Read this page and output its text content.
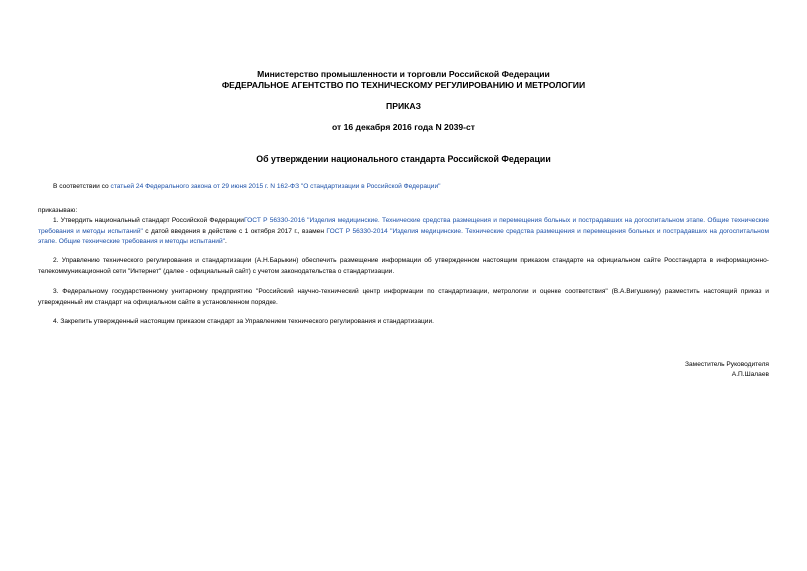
Министерство промышленности и торговли Российской Федерации
ФЕДЕРАЛЬНОЕ АГЕНТСТВО ПО ТЕХНИЧЕСКОМУ РЕГУЛИРОВАНИЮ И МЕТРОЛОГИИ
ПРИКАЗ
от 16 декабря 2016 года N 2039-ст
Об утверждении национального стандарта Российской Федерации
В соответствии со статьей 24 Федерального закона от 29 июня 2015 г. N 162-ФЗ "О стандартизации в Российской Федерации"
приказываю:
1. Утвердить национальный стандарт Российской ФедерацииГОСТ Р 56330-2016 "Изделия медицинские. Технические средства размещения и перемещения больных и пострадавших на догоспитальном этапе. Общие технические требования и методы испытаний" с датой введения в действие с 1 октября 2017 г., взамен ГОСТ Р 56330-2014 "Изделия медицинские. Технические средства размещения и перемещения больных и пострадавших на догоспитальном этапе. Общие технические требования и методы испытаний".
2. Управлению технического регулирования и стандартизации (А.Н.Барыкин) обеспечить размещение информации об утвержденном настоящим приказом стандарте на официальном сайте Росстандарта в информационно-телекоммуникационной сети "Интернет" (далее - официальный сайт) с учетом законодательства о стандартизации.
3. Федеральному государственному унитарному предприятию "Российский научно-технический центр информации по стандартизации, метрологии и оценке соответствия" (В.А.Вигушкину) разместить настоящий приказ и утвержденный им стандарт на официальном сайте в установленном порядке.
4. Закрепить утвержденный настоящим приказом стандарт за Управлением технического регулирования и стандартизации.
Заместитель Руководителя
А.П.Шалаев
